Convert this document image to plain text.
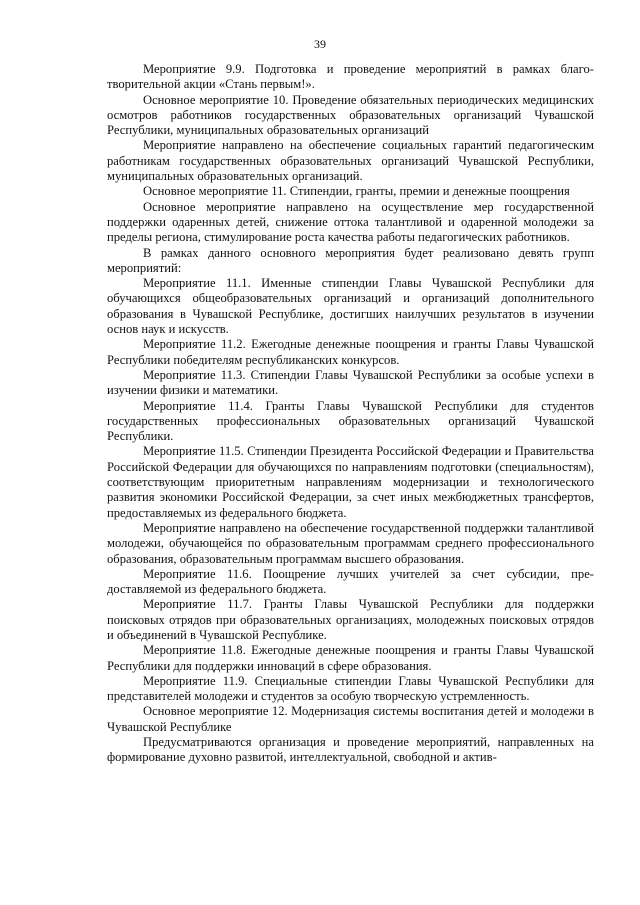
39

Мероприятие 9.9. Подготовка и проведение мероприятий в рамках благотворительной акции «Стань первым!».

Основное мероприятие 10. Проведение обязательных периодических медицинских осмотров работников государственных образовательных организаций Чувашской Республики, муниципальных образовательных организаций

Мероприятие направлено на обеспечение социальных гарантий педагогическим работникам государственных образовательных организаций Чувашской Республики, муниципальных образовательных организаций.

Основное мероприятие 11. Стипендии, гранты, премии и денежные поощрения

Основное мероприятие направлено на осуществление мер государственной поддержки одаренных детей, снижение оттока талантливой и одаренной молодежи за пределы региона, стимулирование роста качества работы педагогических работников.

В рамках данного основного мероприятия будет реализовано девять групп мероприятий:

Мероприятие 11.1. Именные стипендии Главы Чувашской Республики для обучающихся общеобразовательных организаций и организаций дополнительного образования в Чувашской Республике, достигших наилучших результатов в изучении основ наук и искусств.

Мероприятие 11.2. Ежегодные денежные поощрения и гранты Главы Чувашской Республики победителям республиканских конкурсов.

Мероприятие 11.3. Стипендии Главы Чувашской Республики за особые успехи в изучении физики и математики.

Мероприятие 11.4. Гранты Главы Чувашской Республики для студентов государственных профессиональных образовательных организаций Чувашской Республики.

Мероприятие 11.5. Стипендии Президента Российской Федерации и Правительства Российской Федерации для обучающихся по направлениям подготовки (специальностям), соответствующим приоритетным направлениям модернизации и технологического развития экономики Российской Федерации, за счет иных межбюджетных трансфертов, предоставляемых из федерального бюджета.

Мероприятие направлено на обеспечение государственной поддержки талантливой молодежи, обучающейся по образовательным программам среднего профессионального образования, образовательным программам высшего образования.

Мероприятие 11.6. Поощрение лучших учителей за счет субсидии, предоставляемой из федерального бюджета.

Мероприятие 11.7. Гранты Главы Чувашской Республики для поддержки поисковых отрядов при образовательных организациях, молодежных поисковых отрядов и объединений в Чувашской Республике.

Мероприятие 11.8. Ежегодные денежные поощрения и гранты Главы Чувашской Республики для поддержки инноваций в сфере образования.

Мероприятие 11.9. Специальные стипендии Главы Чувашской Республики для представителей молодежи и студентов за особую творческую устремленность.

Основное мероприятие 12. Модернизация системы воспитания детей и молодежи в Чувашской Республике

Предусматриваются организация и проведение мероприятий, направленных на формирование духовно развитой, интеллектуальной, свободной и актив-
